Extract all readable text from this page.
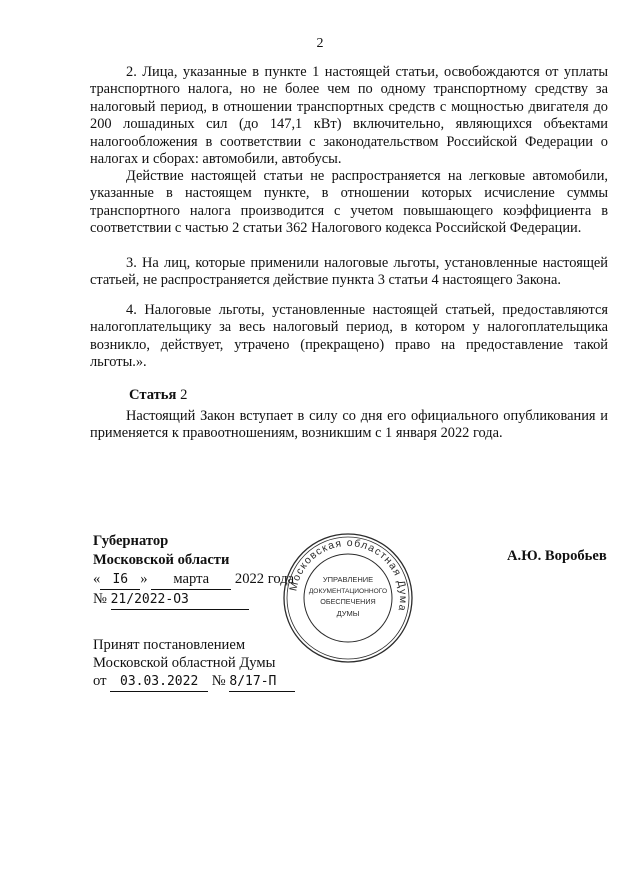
2

2. Лица, указанные в пункте 1 настоящей статьи, освобождаются от уплаты транспортного налога, но не более чем по одному транспортному средству за налоговый период, в отношении транспортных средств с мощностью двигателя до 200 лошадиных сил (до 147,1 кВт) включительно, являющихся объектами налогообложения в соответствии с законодательством Российской Федерации о налогах и сборах: автомобили, автобусы.

Действие настоящей статьи не распространяется на легковые автомобили, указанные в настоящем пункте, в отношении которых исчисление суммы транспортного налога производится с учетом повышающего коэффициента в соответствии с частью 2 статьи 362 Налогового кодекса Российской Федерации.

3. На лиц, которые применили налоговые льготы, установленные настоящей статьей, не распространяется действие пункта 3 статьи 4 настоящего Закона.

4. Налоговые льготы, установленные настоящей статьей, предоставляются налогоплательщику за весь налоговый период, в котором у налогоплательщика возникло, действует, утрачено (прекращено) право на предоставление такой льготы.».

Статья 2

Настоящий Закон вступает в силу со дня его официального опубликования и применяется к правоотношениям, возникшим с 1 января 2022 года.

Губернатор
Московской области
« I6 » марта 2022 года
№ 21/2022-ОЗ
А.Ю. Воробьев
Московская областная Дума
УПРАВЛЕНИЕ
ДОКУМЕНТАЦИОННОГО
ОБЕСПЕЧЕНИЯ
ДУМЫ
Принят постановлением
Московской областной Думы
от 03.03.2022 № 8/17-П
